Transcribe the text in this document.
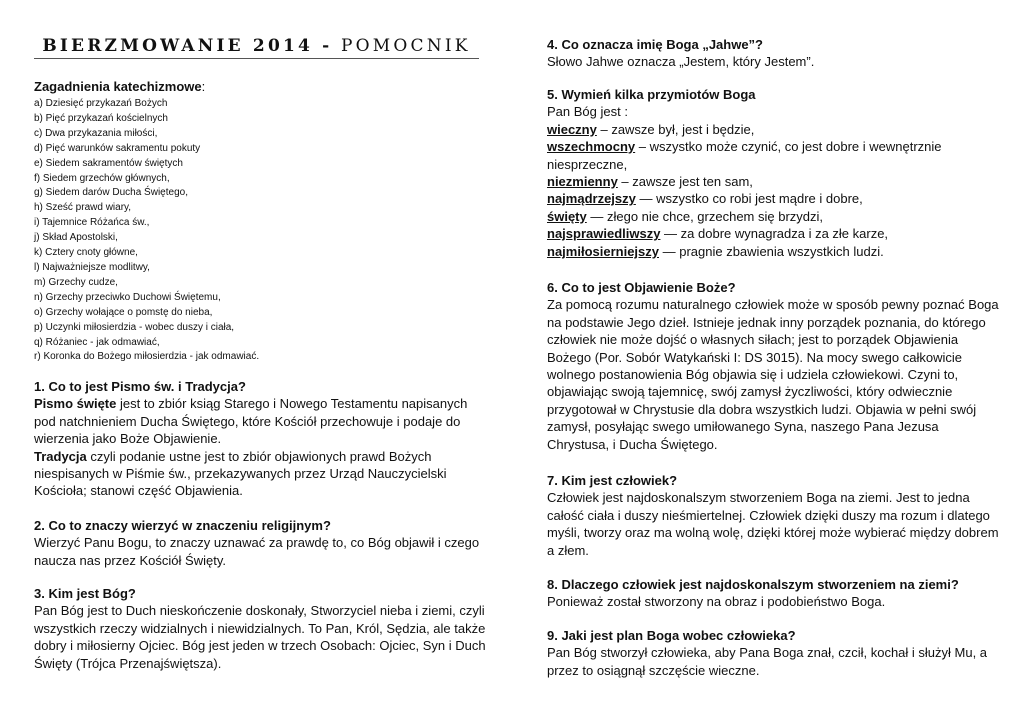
BIERZMOWANIE 2014 - POMOCNIK
Zagadnienia katechizmowe:
a) Dziesięć przykazań Bożych
b) Pięć przykazań kościelnych
c) Dwa przykazania miłości,
d) Pięć warunków sakramentu pokuty
e) Siedem sakramentów świętych
f) Siedem grzechów głównych,
g) Siedem darów Ducha Świętego,
h) Sześć prawd wiary,
i) Tajemnice Różańca św.,
j) Skład Apostolski,
k) Cztery cnoty główne,
l) Najważniejsze modlitwy,
m) Grzechy cudze,
n) Grzechy przeciwko Duchowi Świętemu,
o) Grzechy wołające o pomstę do nieba,
p) Uczynki miłosierdzia - wobec duszy i ciała,
q) Różaniec - jak odmawiać,
r) Koronka do Bożego miłosierdzia - jak odmawiać.
1. Co to jest Pismo św. i Tradycja?

Pismo święte jest to zbiór ksiąg Starego i Nowego Testamentu napisanych pod natchnieniem Ducha Świętego, które Kościół przechowuje i podaje do wierzenia jako Boże Objawienie.

Tradycja czyli podanie ustne jest to zbiór objawionych prawd Bożych niespisanych w Piśmie św., przekazywanych przez Urząd Nauczycielski Kościoła; stanowi część Objawienia.

2. Co to znaczy wierzyć w znaczeniu religijnym?

Wierzyć Panu Bogu, to znaczy uznawać za prawdę to, co Bóg objawił i czego naucza nas przez Kościół Święty.

3. Kim jest Bóg?

Pan Bóg jest to Duch nieskończenie doskonały, Stworzyciel nieba i ziemi, czyli wszystkich rzeczy widzialnych i niewidzialnych. To Pan, Król, Sędzia, ale także dobry i miłosierny Ojciec. Bóg jest jeden w trzech Osobach: Ojciec, Syn i Duch Święty (Trójca Przenajświętsza).

4. Co oznacza imię Boga „Jahwe”?

Słowo Jahwe oznacza „Jestem, który Jestem”.

5. Wymień kilka przymiotów Boga

Pan Bóg jest :

wieczny – zawsze był, jest i będzie,

wszechmocny – wszystko może czynić, co jest dobre i wewnętrznie niesprzeczne,

niezmienny – zawsze jest ten sam,

najmądrzejszy — wszystko co robi jest mądre i dobre,

święty — złego nie chce, grzechem się brzydzi,

najsprawiedliwszy — za dobre wynagradza i za złe karze,

najmiłosierniejszy — pragnie zbawienia wszystkich ludzi.

6. Co to jest Objawienie Boże?

Za pomocą rozumu naturalnego człowiek może w sposób pewny poznać Boga na podstawie Jego dzieł. Istnieje jednak inny porządek poznania, do którego człowiek nie może dojść o własnych siłach; jest to porządek Objawienia Bożego (Por. Sobór Watykański I: DS 3015). Na mocy swego całkowicie wolnego postanowienia Bóg objawia się i udziela człowiekowi. Czyni to, objawiając swoją tajemnicę, swój zamysł życzliwości, który odwiecznie przygotował w Chrystusie dla dobra wszystkich ludzi. Objawia w pełni swój zamysł, posyłając swego umiłowanego Syna, naszego Pana Jezusa Chrystusa, i Ducha Świętego.

7. Kim jest człowiek?

Człowiek jest najdoskonalszym stworzeniem Boga na ziemi. Jest to jedna całość ciała i duszy nieśmiertelnej. Człowiek dzięki duszy ma rozum i dlatego myśli, tworzy oraz ma wolną wolę, dzięki której może wybierać między dobrem a złem.

8. Dlaczego człowiek jest najdoskonalszym stworzeniem na ziemi?

Ponieważ został stworzony na obraz i podobieństwo Boga.

9. Jaki jest plan Boga wobec człowieka?

Pan Bóg stworzył człowieka, aby Pana Boga znał, czcił, kochał i służył Mu, a przez to osiągnął szczęście wieczne.
